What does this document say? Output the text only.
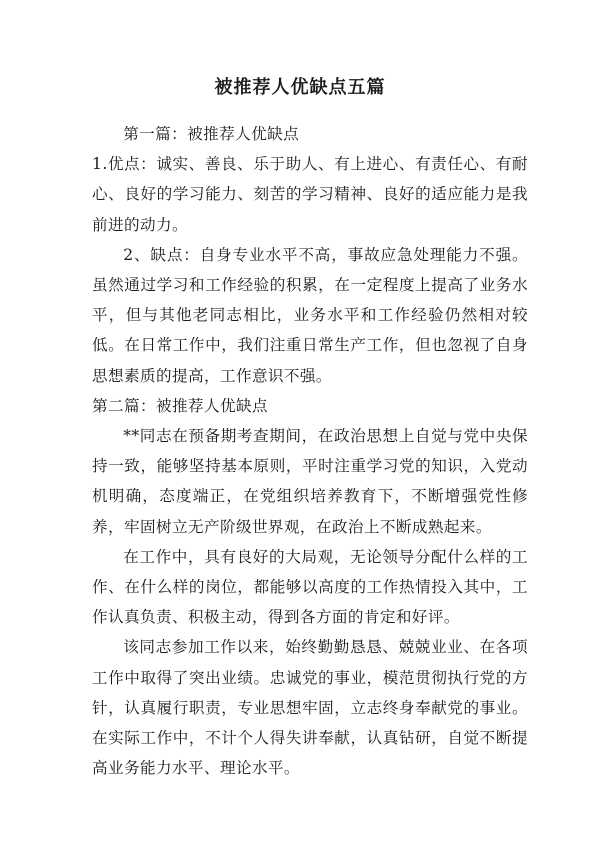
被推荐人优缺点五篇

第一篇：被推荐人优缺点

1.优点：诚实、善良、乐于助人、有上进心、有责任心、有耐心、良好的学习能力、刻苦的学习精神、良好的适应能力是我前进的动力。

2、缺点：自身专业水平不高，事故应急处理能力不强。虽然通过学习和工作经验的积累，在一定程度上提高了业务水平，但与其他老同志相比，业务水平和工作经验仍然相对较低。在日常工作中，我们注重日常生产工作，但也忽视了自身思想素质的提高，工作意识不强。

第二篇：被推荐人优缺点

**同志在预备期考查期间，在政治思想上自觉与党中央保持一致，能够坚持基本原则，平时注重学习党的知识，入党动机明确，态度端正，在党组织培养教育下，不断增强党性修养，牢固树立无产阶级世界观，在政治上不断成熟起来。

在工作中，具有良好的大局观，无论领导分配什么样的工作、在什么样的岗位，都能够以高度的工作热情投入其中，工作认真负责、积极主动，得到各方面的肯定和好评。

该同志参加工作以来，始终勤勤恳恳、兢兢业业、在各项工作中取得了突出业绩。忠诚党的事业，模范贯彻执行党的方针，认真履行职责，专业思想牢固，立志终身奉献党的事业。在实际工作中，不计个人得失讲奉献，认真钻研，自觉不断提高业务能力水平、理论水平。
